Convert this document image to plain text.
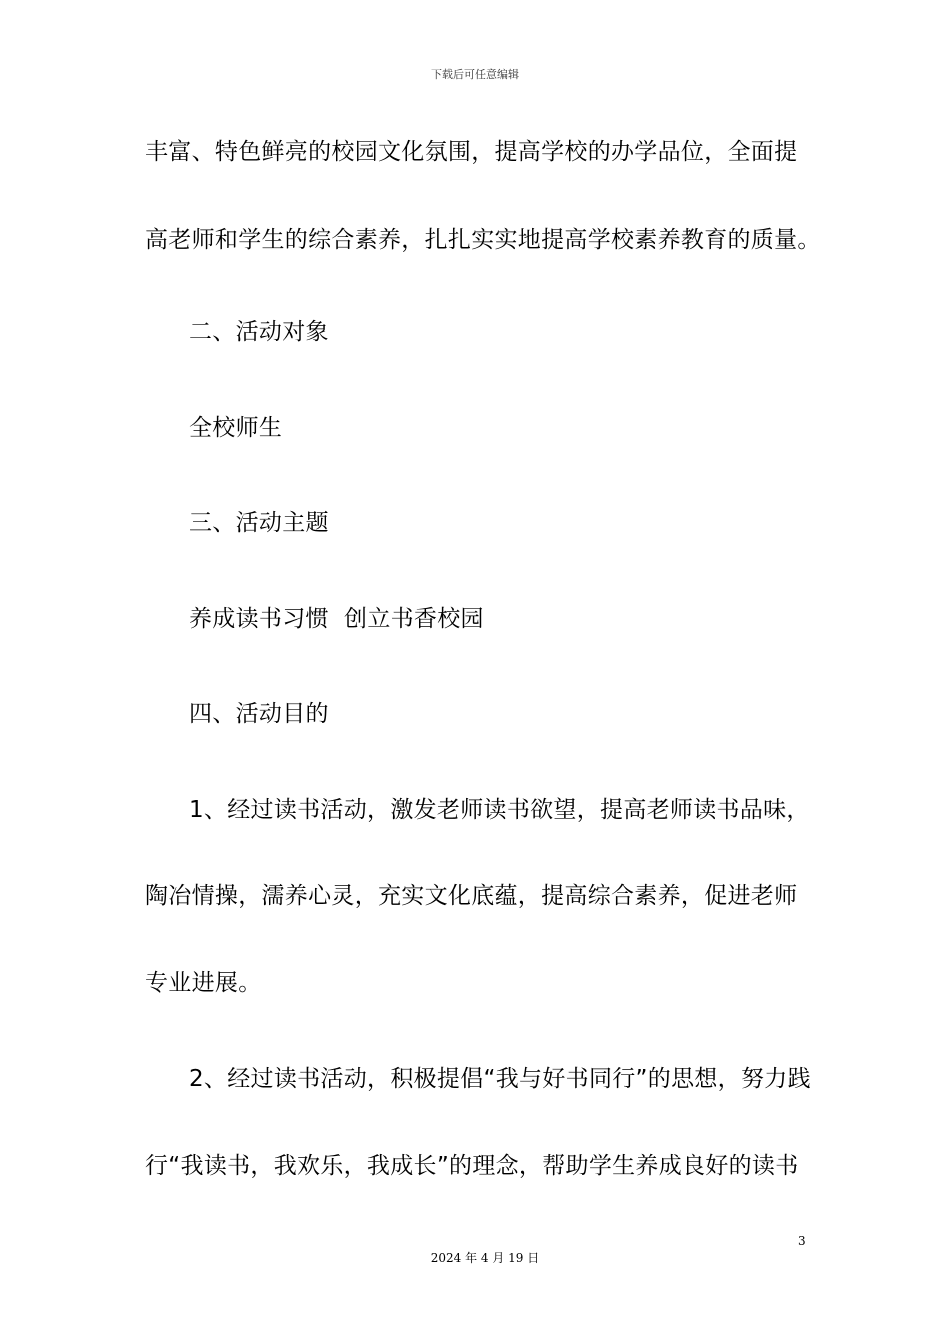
下载后可任意编辑
丰富、特色鲜亮的校园文化氛围，提高学校的办学品位，全面提
高老师和学生的综合素养，扎扎实实地提高学校素养教育的质量。
二、活动对象
全校师生
三、活动主题
养成读书习惯  创立书香校园
四、活动目的
1、经过读书活动，激发老师读书欲望，提高老师读书品味，
陶冶情操，濡养心灵，充实文化底蕴，提高综合素养，促进老师
专业进展。
2、经过读书活动，积极提倡“我与好书同行”的思想，努力践
行“我读书，我欢乐，我成长”的理念，帮助学生养成良好的读书
3
2024 年 4 月 19 日
